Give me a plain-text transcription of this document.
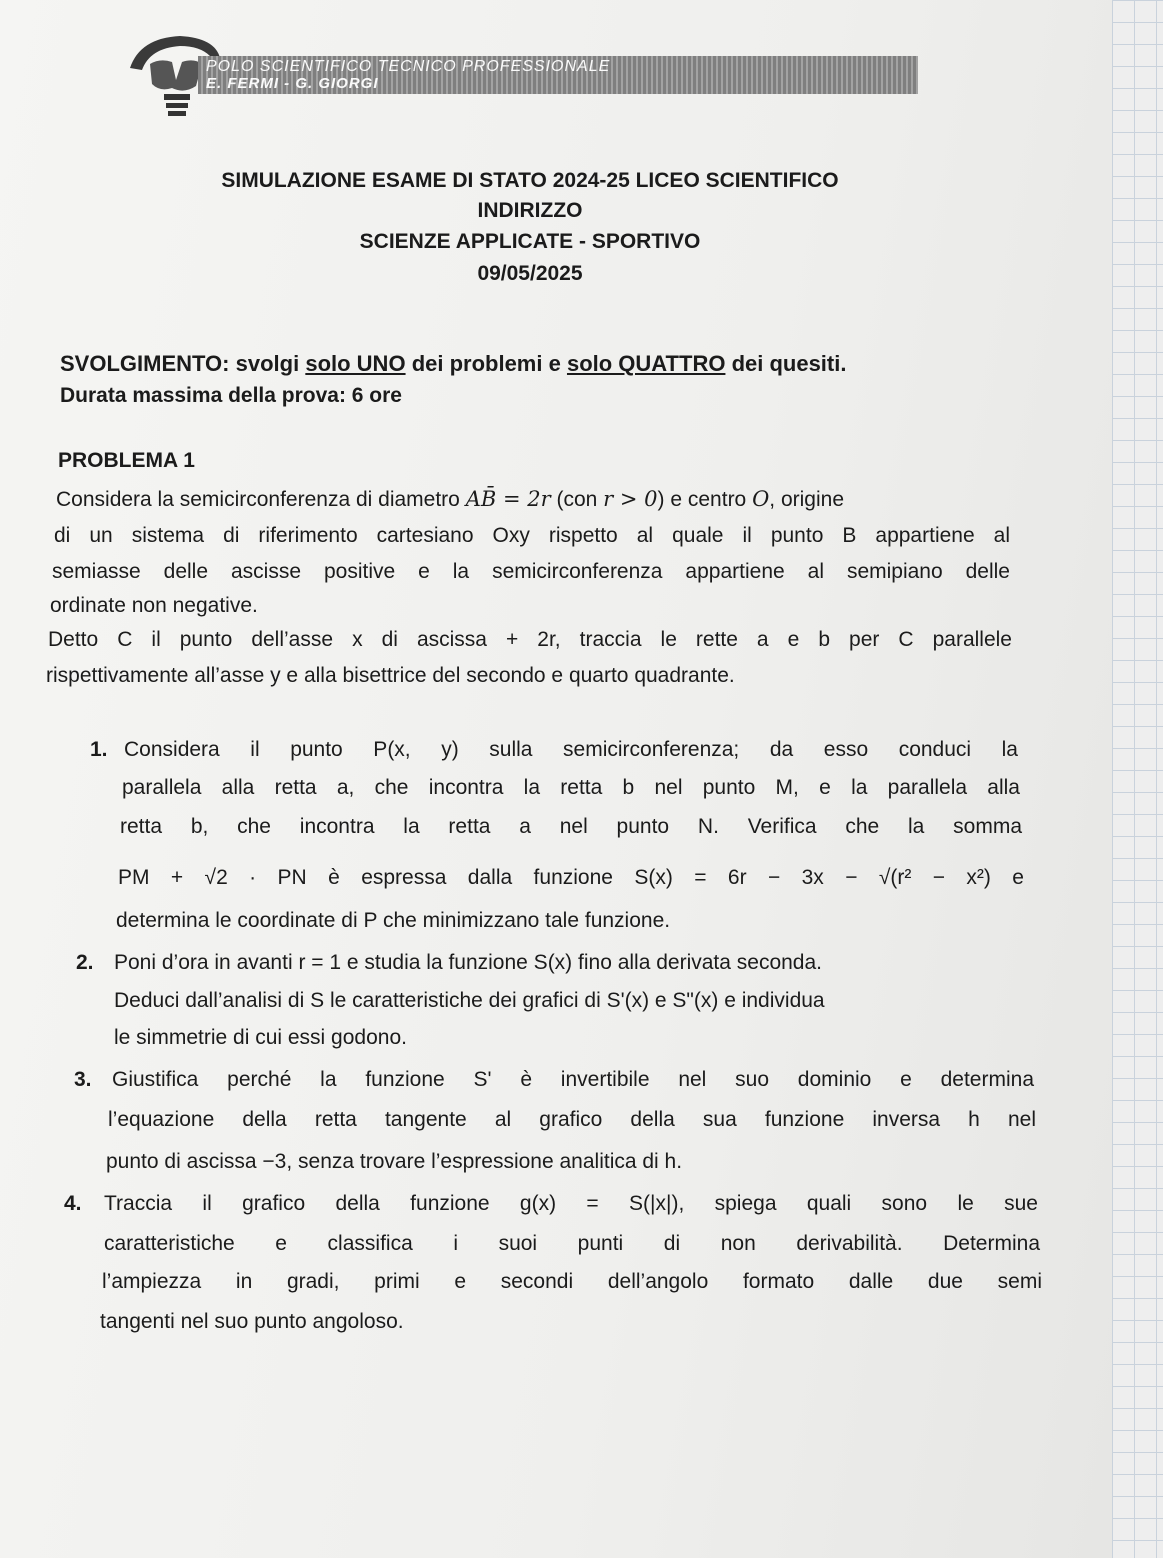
POLO SCIENTIFICO TECNICO PROFESSIONALE
E. FERMI - G. GIORGI
SIMULAZIONE ESAME DI STATO 2024-25 LICEO SCIENTIFICO
INDIRIZZO
SCIENZE APPLICATE - SPORTIVO
09/05/2025
SVOLGIMENTO: svolgi solo UNO dei problemi e solo QUATTRO dei quesiti.
Durata massima della prova: 6 ore
PROBLEMA 1
Considera la semicirconferenza di diametro AB̄ = 2r (con r > 0) e centro O, origine
di un sistema di riferimento cartesiano Oxy rispetto al quale il punto B appartiene al
semiasse delle ascisse positive e la semicirconferenza appartiene al semipiano delle
ordinate non negative.
Detto C il punto dell’asse x di ascissa + 2r, traccia le rette a e b per C parallele
rispettivamente all’asse y e alla bisettrice del secondo e quarto quadrante.
1. Considera il punto P(x, y) sulla semicirconferenza; da esso conduci la
parallela alla retta a, che incontra la retta b nel punto M, e la parallela alla
retta b, che incontra la retta a nel punto N. Verifica che la somma
PM + √2 · PN è espressa dalla funzione S(x) = 6r − 3x − √(r² − x²) e
determina le coordinate di P che minimizzano tale funzione.
2. Poni d’ora in avanti r = 1 e studia la funzione S(x) fino alla derivata seconda.
Deduci dall’analisi di S le caratteristiche dei grafici di S'(x) e S"(x) e individua
le simmetrie di cui essi godono.
3. Giustifica perché la funzione S' è invertibile nel suo dominio e determina
l’equazione della retta tangente al grafico della sua funzione inversa h nel
punto di ascissa −3, senza trovare l’espressione analitica di h.
4. Traccia il grafico della funzione g(x) = S(|x|), spiega quali sono le sue
caratteristiche e classifica i suoi punti di non derivabilità. Determina
l’ampiezza in gradi, primi e secondi dell’angolo formato dalle due semi
tangenti nel suo punto angoloso.
